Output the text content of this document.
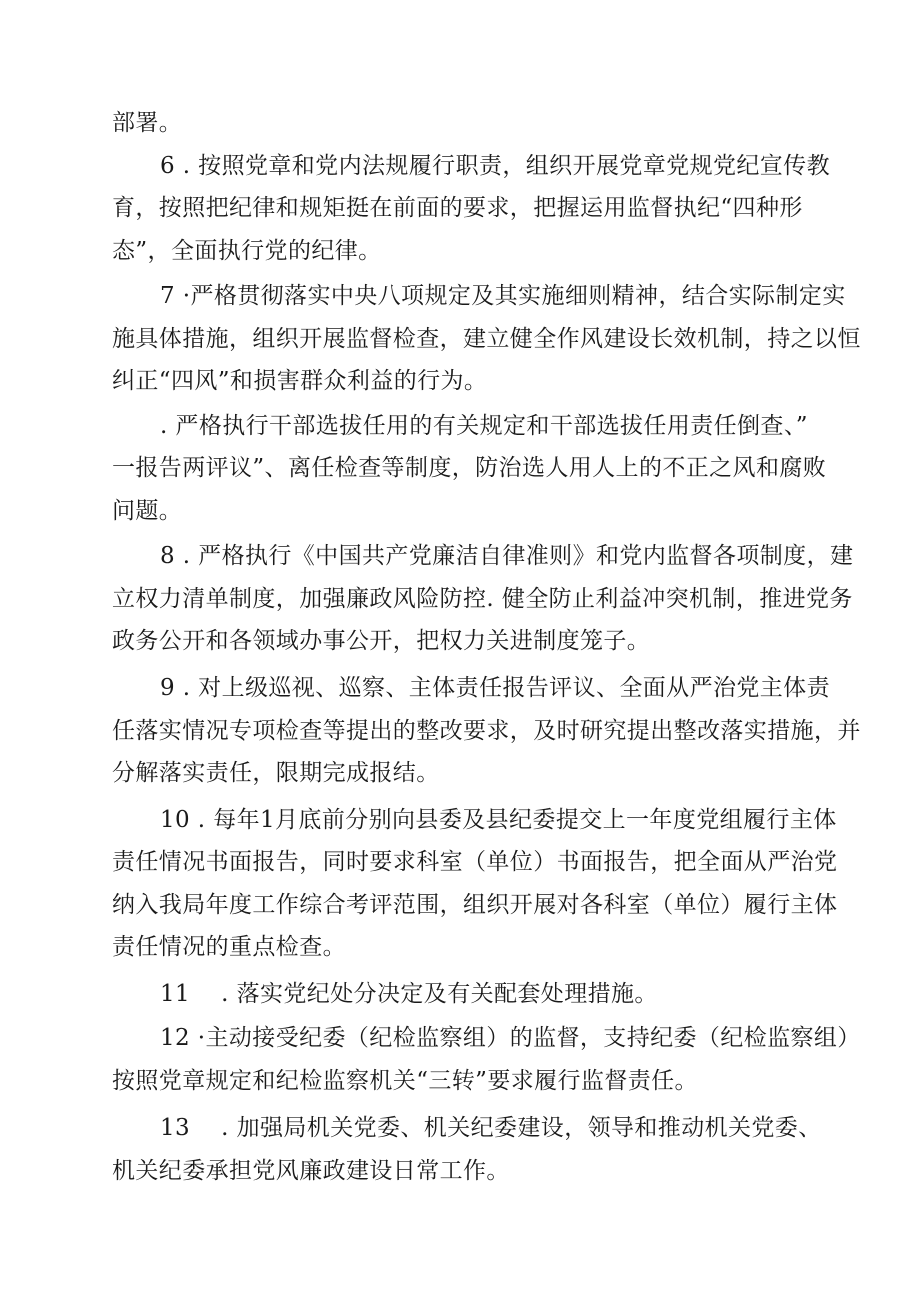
部署。
6 . 按照党章和党内法规履行职责，组织开展党章党规党纪宣传教
育，按照把纪律和规矩挺在前面的要求，把握运用监督执纪“四种形
态”，全面执行党的纪律。
7 ·严格贯彻落实中央八项规定及其实施细则精神，结合实际制定实
施具体措施，组织开展监督检查，建立健全作风建设长效机制，持之以恒
纠正“四风”和损害群众利益的行为。
. 严格执行干部选拔任用的有关规定和干部选拔任用责任倒查、”
一报告两评议”、离任检查等制度，防治选人用人上的不正之风和腐败
问题。
8 . 严格执行《中国共产党廉洁自律准则》和党内监督各项制度，建
立权力清单制度，加强廉政风险防控. 健全防止利益冲突机制，推进党务
政务公开和各领域办事公开，把权力关进制度笼子。
9 . 对上级巡视、巡察、主体责任报告评议、全面从严治党主体责
任落实情况专项检查等提出的整改要求，及时研究提出整改落实措施，并
分解落实责任，限期完成报结。
10 . 每年1月底前分别向县委及县纪委提交上一年度党组履行主体
责任情况书面报告，同时要求科室（单位）书面报告，把全面从严治党
纳入我局年度工作综合考评范围，组织开展对各科室（单位）履行主体
责任情况的重点检查。
11　 . 落实党纪处分决定及有关配套处理措施。
12 ·主动接受纪委（纪检监察组）的监督，支持纪委（纪检监察组）
按照党章规定和纪检监察机关“三转”要求履行监督责任。
13　 . 加强局机关党委、机关纪委建设，领导和推动机关党委、
机关纪委承担党风廉政建设日常工作。
